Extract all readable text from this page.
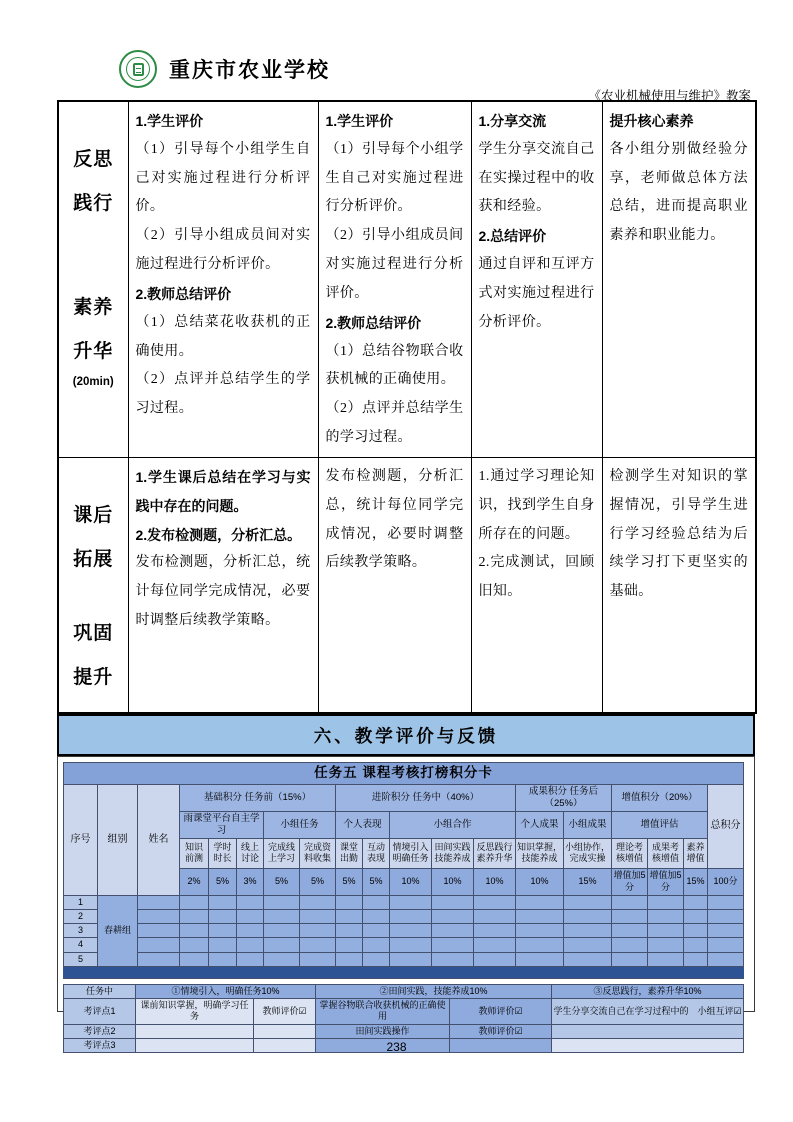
重庆市农业学校
《农业机械使用与维护》教案
反思
践行
素养
升华
(20min)

1.学生评价
（1）引导每个小组学生自己对实施过程进行分析评价。
（2）引导小组成员间对实施过程进行分析评价。
2.教师总结评价
（1）总结菜花收获机的正确使用。
（2）点评并总结学生的学习过程。

1.学生评价
（1）引导每个小组学生自己对实施过程进行分析评价。
（2）引导小组成员间对实施过程进行分析评价。
2.教师总结评价
（1）总结谷物联合收获机械的正确使用。
（2）点评并总结学生的学习过程。

1.分享交流
学生分享交流自己在实操过程中的收获和经验。
2.总结评价
通过自评和互评方式对实施过程进行分析评价。

提升核心素养
各小组分别做经验分享，老师做总体方法总结，进而提高职业素养和职业能力。

课后
拓展
巩固
提升

1.学生课后总结在学习与实践中存在的问题。
2.发布检测题，分析汇总。
发布检测题，分析汇总，统计每位同学完成情况，必要时调整后续教学策略。

发布检测题，分析汇总，统计每位同学完成情况，必要时调整后续教学策略。

1.通过学习理论知识，找到学生自身所存在的问题。
2.完成测试，回顾旧知。

检测学生对知识的掌握情况，引导学生进行学习经验总结为后续学习打下更坚实的基础。
六、教学评价与反馈
任务五 课程考核打榜积分卡																		
序号	组别	姓名	基础积分 任务前（15%）					进阶积分 任务中（40%）					成果积分 任务后（25%）		增值积分（20%）			总积分
			雨课堂平台自主学习			小组任务		个人表现		小组合作			个人成果	小组成果	增值评估			
			知识前测	学时时长	线上讨论	完成线上学习	完成资料收集	课堂出勤	互动表现	情境引入明确任务	田间实践技能养成	反思践行素养升华	知识掌握，技能养成	小组协作，完成实操	理论考核增值	成果考核增值	素养增值	
			2%	5%	3%	5%	5%	5%	5%	10%	10%	10%	10%	15%	增值加5分	增值加5分	15%	100分
1	春耕组																	
2																		
3																		
4																		
5																		

任务中	①情境引入，明确任务10%		②田间实践，技能养成10%		③反思践行，素养升华10%
考评点1	课前知识掌握，明确学习任务	教师评价☑	掌握谷物联合收获机械的正确使用	教师评价☑	学生分享交流自己在学习过程中的　小组互评☑
考评点2			田间实践操作	教师评价☑	
考评点3						238
